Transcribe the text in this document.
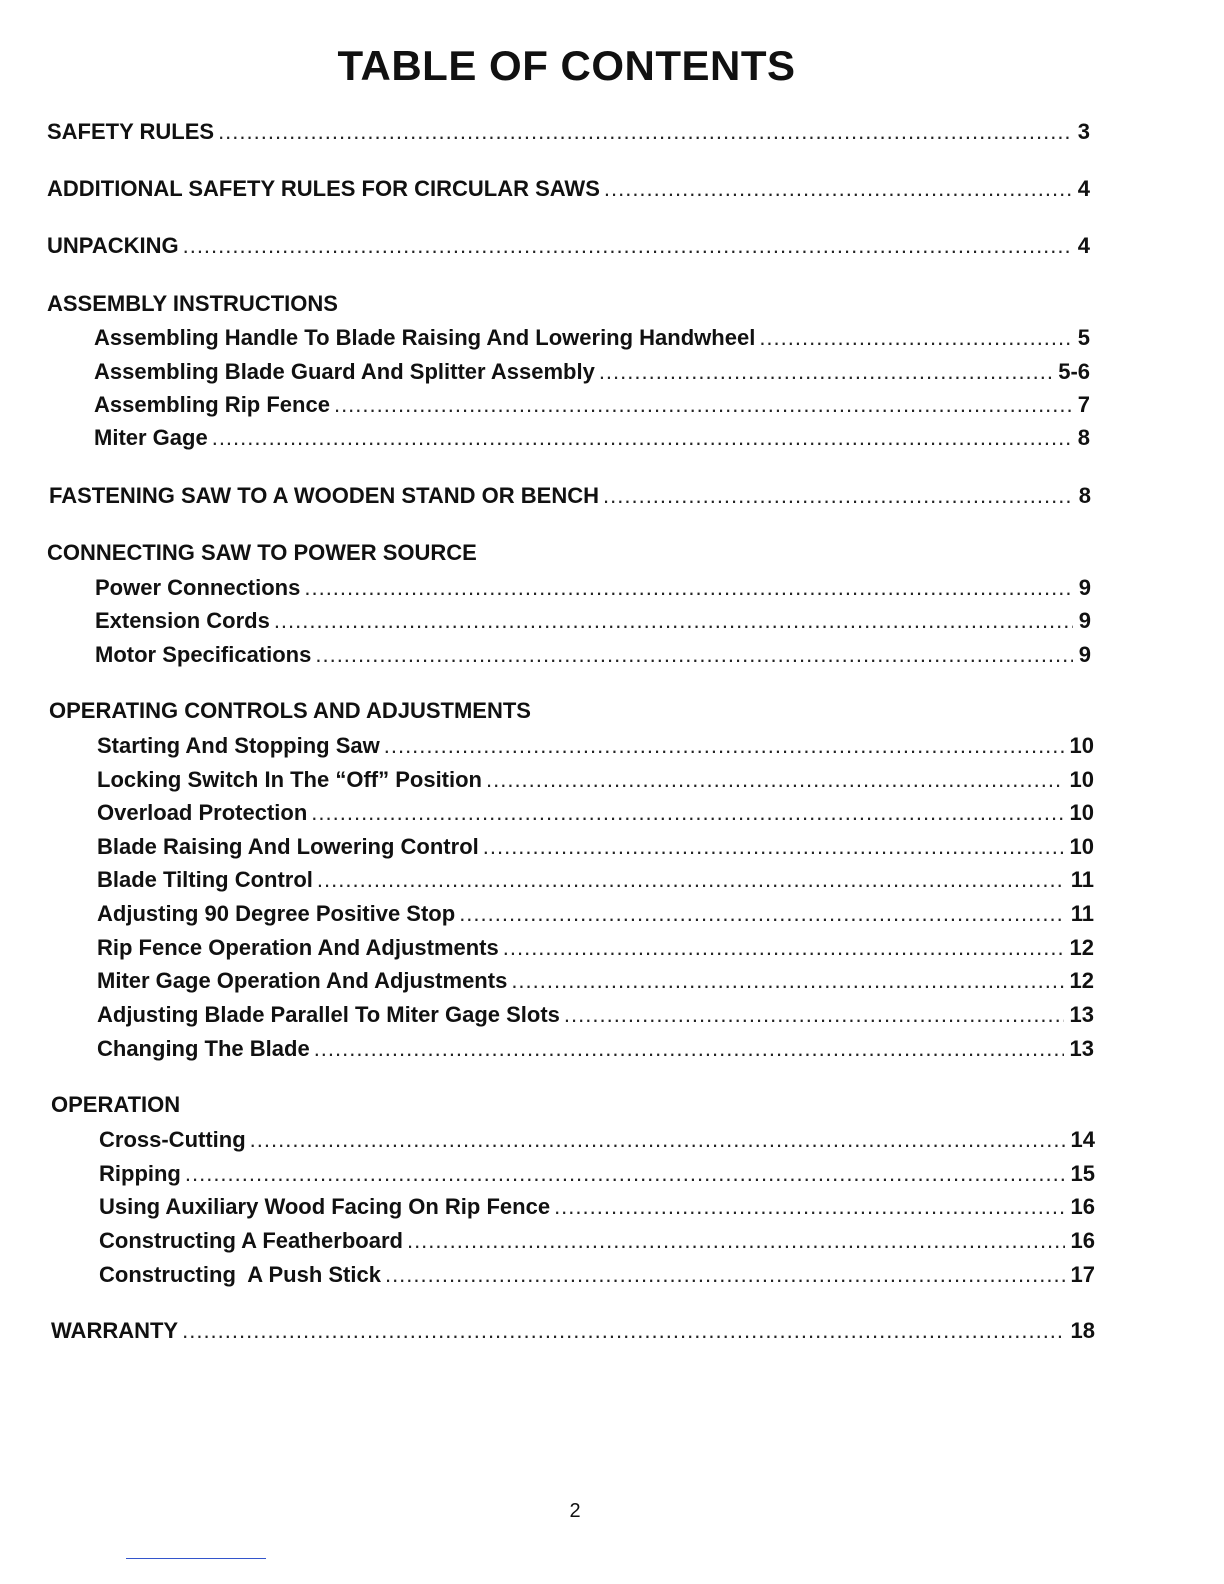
TABLE OF CONTENTS
SAFETY RULES .....	3
ADDITIONAL SAFETY RULES FOR CIRCULAR SAWS .....	4
UNPACKING .....	4
ASSEMBLY INSTRUCTIONS
Assembling Handle To Blade Raising And Lowering Handwheel .....	5
Assembling Blade Guard And Splitter Assembly .....	5-6
Assembling Rip Fence .....	7
Miter Gage .....	8
FASTENING SAW TO A WOODEN STAND OR BENCH .....	8
CONNECTING SAW TO POWER SOURCE
Power Connections .....	9
Extension Cords .....	9
Motor Specifications .....	9
OPERATING CONTROLS AND ADJUSTMENTS
Starting And Stopping Saw .....	10
Locking Switch In The “Off” Position .....	10
Overload Protection .....	10
Blade Raising And Lowering Control .....	10
Blade Tilting Control .....	11
Adjusting 90 Degree Positive Stop .....	11
Rip Fence Operation And Adjustments .....	12
Miter Gage Operation And Adjustments .....	12
Adjusting Blade Parallel To Miter Gage Slots .....	13
Changing The Blade .....	13
OPERATION
Cross-Cutting .....	14
Ripping .....	15
Using Auxiliary Wood Facing On Rip Fence .....	16
Constructing A Featherboard .....	16
Constructing  A Push Stick .....	17
WARRANTY .....	18
2
